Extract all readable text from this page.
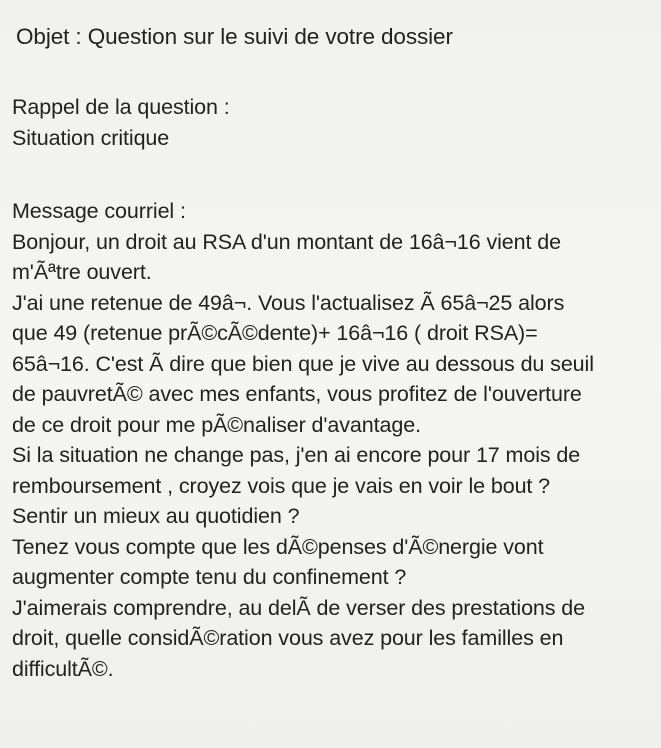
Objet : Question sur le suivi de votre dossier
Rappel de la question :
Situation critique
Message courriel :
Bonjour, un droit au RSA d'un montant de 16â¬16 vient de
m'Ãªtre ouvert.
J'ai une retenue de 49â¬. Vous l'actualisez Ã 65â¬25 alors
que 49 (retenue prÃ©cÃ©dente)+ 16â¬16 ( droit RSA)=
65â¬16. C'est Ã dire que bien que je vive au dessous du seuil
de pauvretÃ© avec mes enfants, vous profitez de l'ouverture
de ce droit pour me pÃ©naliser d'avantage.
Si la situation ne change pas, j'en ai encore pour 17 mois de
remboursement , croyez vois que je vais en voir le bout ?
Sentir un mieux au quotidien ?
Tenez vous compte que les dÃ©penses d'Ã©nergie vont
augmenter compte tenu du confinement ?
J'aimerais comprendre, au delÃ de verser des prestations de
droit, quelle considÃ©ration vous avez pour les familles en
difficultÃ©.
